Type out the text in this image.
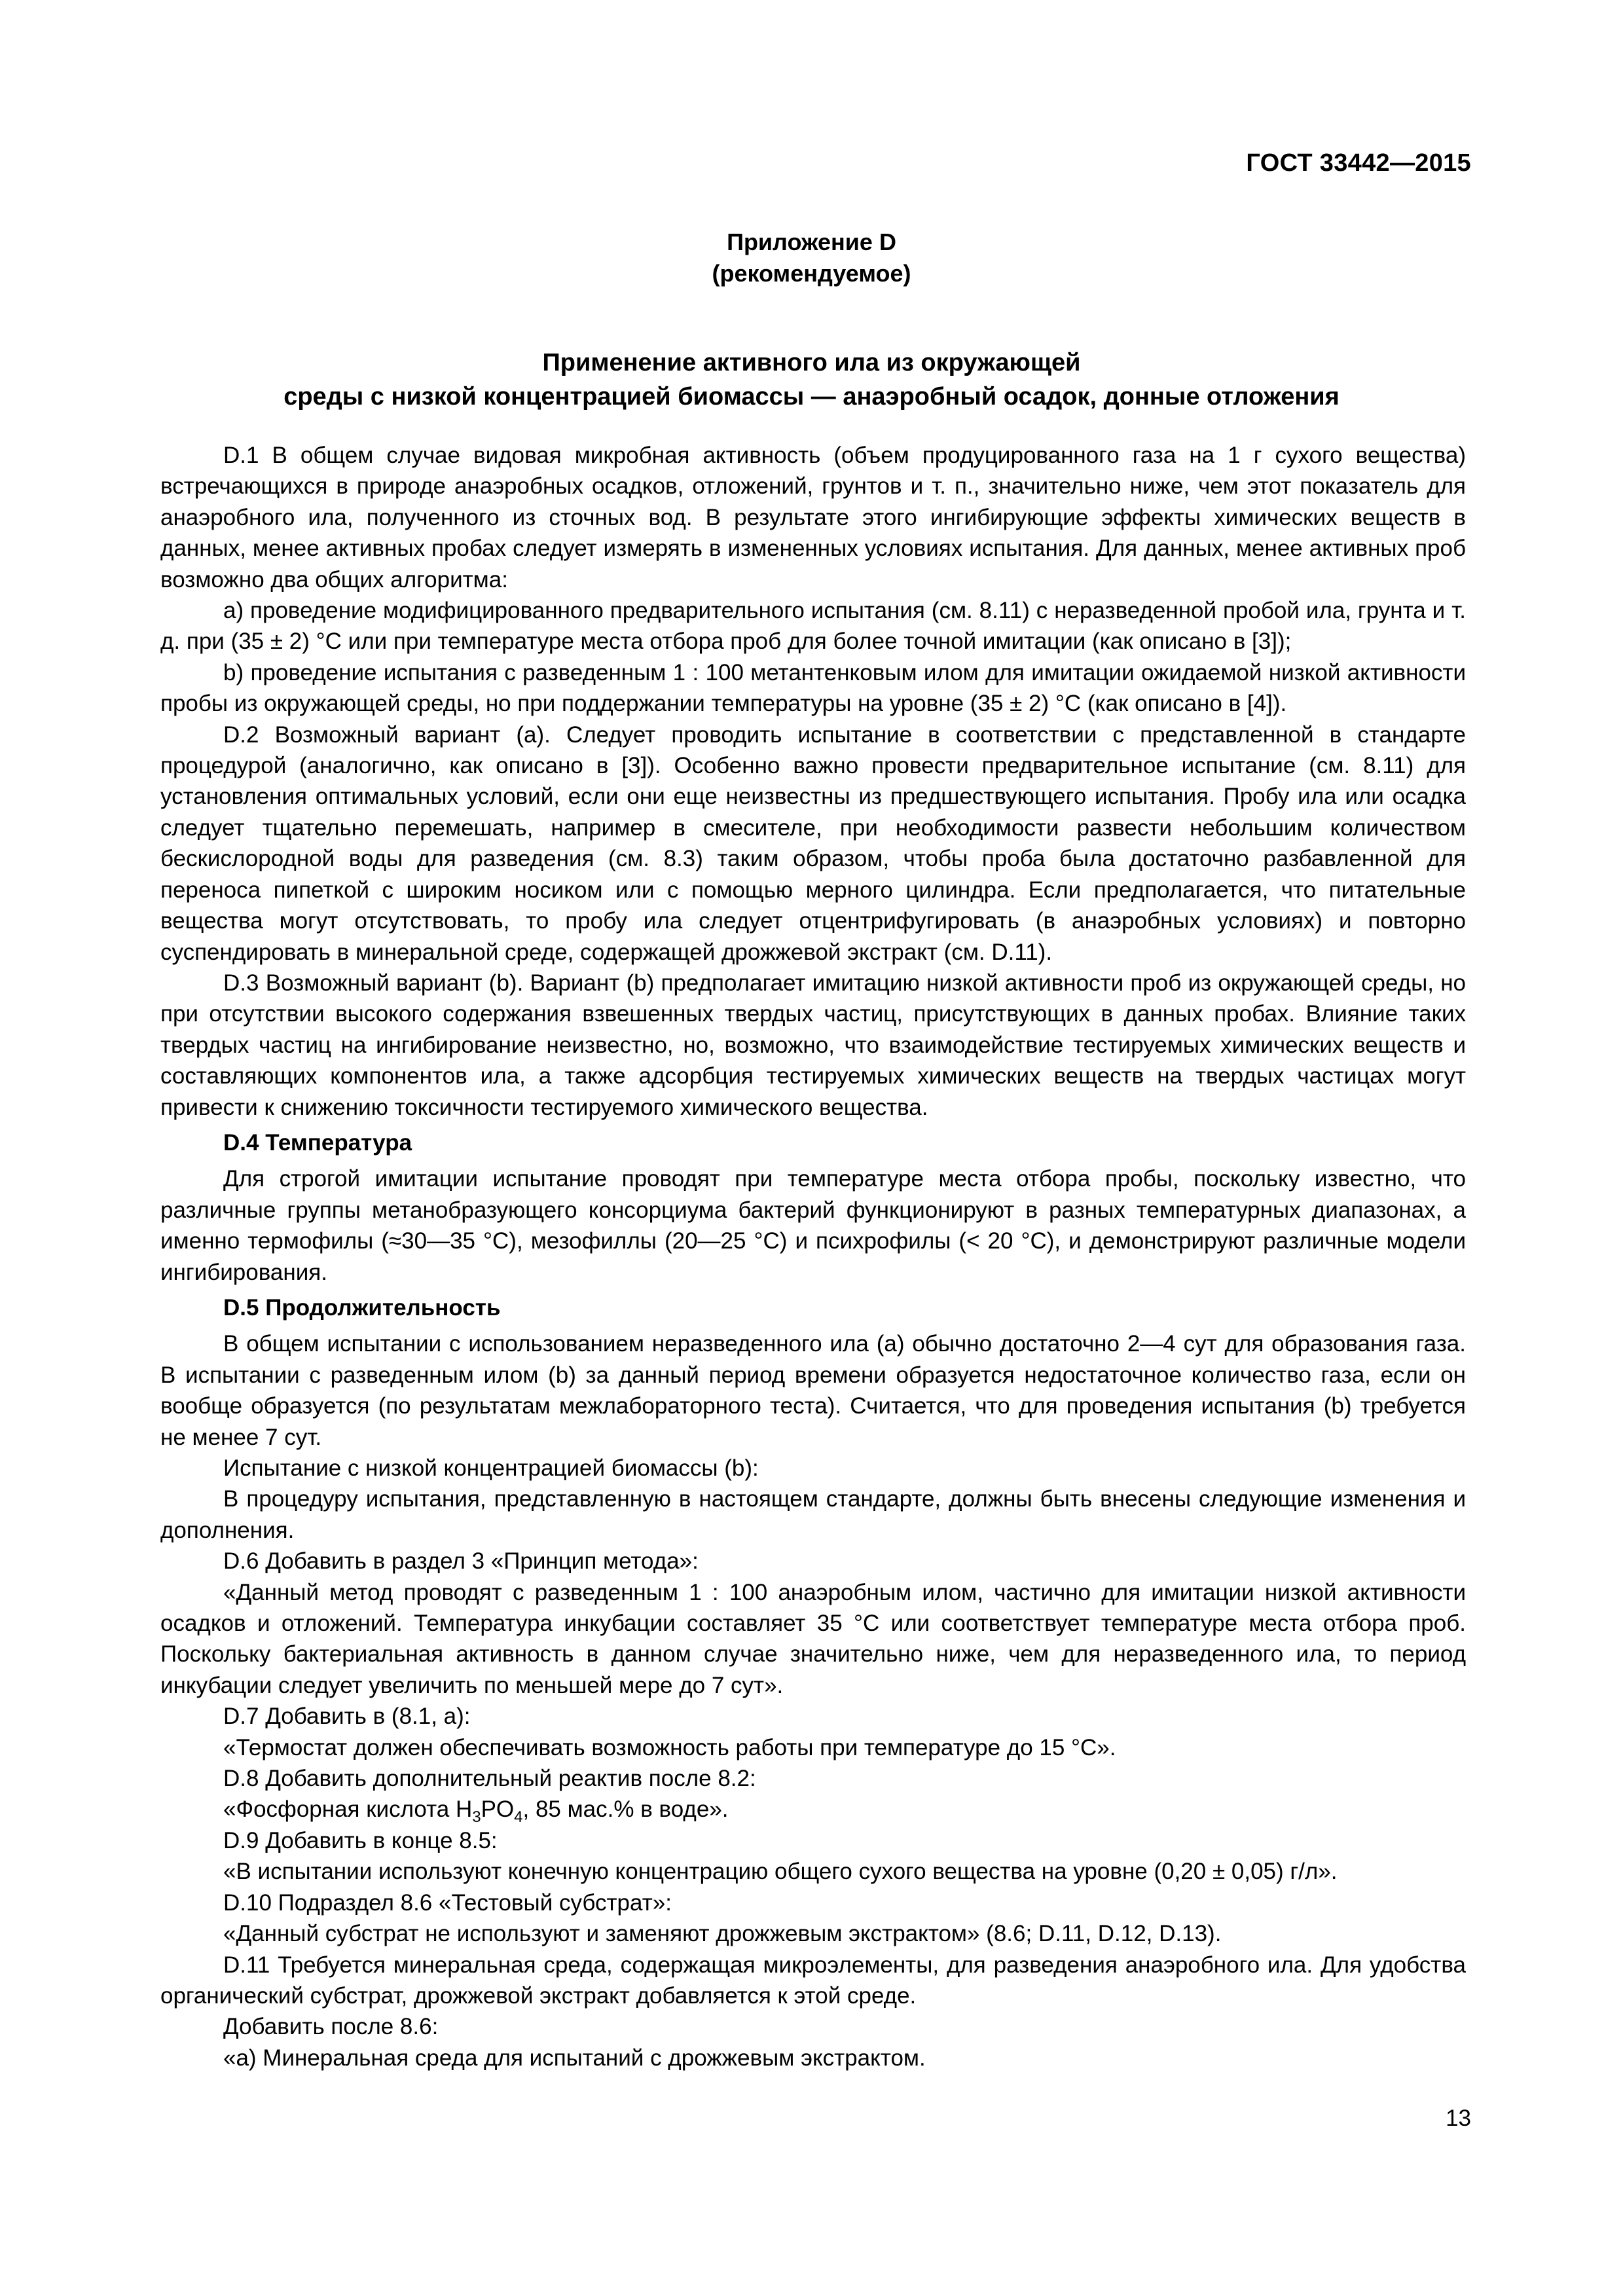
ГОСТ 33442—2015
Приложение D
(рекомендуемое)
Применение активного ила из окружающей
среды с низкой концентрацией биомассы — анаэробный осадок, донные отложения

D.1 В общем случае видовая микробная активность (объем продуцированного газа на 1 г сухого вещества) встречающихся в природе анаэробных осадков, отложений, грунтов и т. п., значительно ниже, чем этот показатель для анаэробного ила, полученного из сточных вод. В результате этого ингибирующие эффекты химических веществ в данных, менее активных пробах следует измерять в измененных условиях испытания. Для данных, менее активных проб возможно два общих алгоритма:

а) проведение модифицированного предварительного испытания (см. 8.11) с неразведенной пробой ила, грунта и т. д. при (35 ± 2) °С или при температуре места отбора проб для более точной имитации (как описано в [3]);

b) проведение испытания с разведенным 1 : 100 метантенковым илом для имитации ожидаемой низкой активности пробы из окружающей среды, но при поддержании температуры на уровне (35 ± 2) °С (как описано в [4]).

D.2 Возможный вариант (а). Следует проводить испытание в соответствии с представленной в стандарте процедурой (аналогично, как описано в [3]). Особенно важно провести предварительное испытание (см. 8.11) для установления оптимальных условий, если они еще неизвестны из предшествующего испытания. Пробу ила или осадка следует тщательно перемешать, например в смесителе, при необходимости развести небольшим количеством бескислородной воды для разведения (см. 8.3) таким образом, чтобы проба была достаточно разбавленной для переноса пипеткой с широким носиком или с помощью мерного цилиндра. Если предполагается, что питательные вещества могут отсутствовать, то пробу ила следует отцентрифугировать (в анаэробных условиях) и повторно суспендировать в минеральной среде, содержащей дрожжевой экстракт (см. D.11).

D.3 Возможный вариант (b). Вариант (b) предполагает имитацию низкой активности проб из окружающей среды, но при отсутствии высокого содержания взвешенных твердых частиц, присутствующих в данных пробах. Влияние таких твердых частиц на ингибирование неизвестно, но, возможно, что взаимодействие тестируемых химических веществ и составляющих компонентов ила, а также адсорбция тестируемых химических веществ на твердых частицах могут привести к снижению токсичности тестируемого химического вещества.

D.4 Температура

Для строгой имитации испытание проводят при температуре места отбора пробы, поскольку известно, что различные группы метанобразующего консорциума бактерий функционируют в разных температурных диапазонах, а именно термофилы (≈30—35 °С), мезофиллы (20—25 °С) и психрофилы (< 20 °С), и демонстрируют различные модели ингибирования.

D.5 Продолжительность

В общем испытании с использованием неразведенного ила (а) обычно достаточно 2—4 сут для образования газа. В испытании с разведенным илом (b) за данный период времени образуется недостаточное количество газа, если он вообще образуется (по результатам межлабораторного теста). Считается, что для проведения испытания (b) требуется не менее 7 сут.

Испытание с низкой концентрацией биомассы (b):

В процедуру испытания, представленную в настоящем стандарте, должны быть внесены следующие изменения и дополнения.

D.6 Добавить в раздел 3 «Принцип метода»:

«Данный метод проводят с разведенным 1 : 100 анаэробным илом, частично для имитации низкой активности осадков и отложений. Температура инкубации составляет 35 °С или соответствует температуре места отбора проб. Поскольку бактериальная активность в данном случае значительно ниже, чем для неразведенного ила, то период инкубации следует увеличить по меньшей мере до 7 сут».

D.7 Добавить в (8.1, а):

«Термостат должен обеспечивать возможность работы при температуре до 15 °С».

D.8 Добавить дополнительный реактив после 8.2:

«Фосфорная кислота $H_3PO_4$, 85 мас.% в воде».

D.9 Добавить в конце 8.5:

«В испытании используют конечную концентрацию общего сухого вещества на уровне (0,20 ± 0,05) г/л».

D.10 Подраздел 8.6 «Тестовый субстрат»:

«Данный субстрат не используют и заменяют дрожжевым экстрактом» (8.6; D.11, D.12, D.13).

D.11 Требуется минеральная среда, содержащая микроэлементы, для разведения анаэробного ила. Для удобства органический субстрат, дрожжевой экстракт добавляется к этой среде.

Добавить после 8.6:

«а) Минеральная среда для испытаний с дрожжевым экстрактом.

13
